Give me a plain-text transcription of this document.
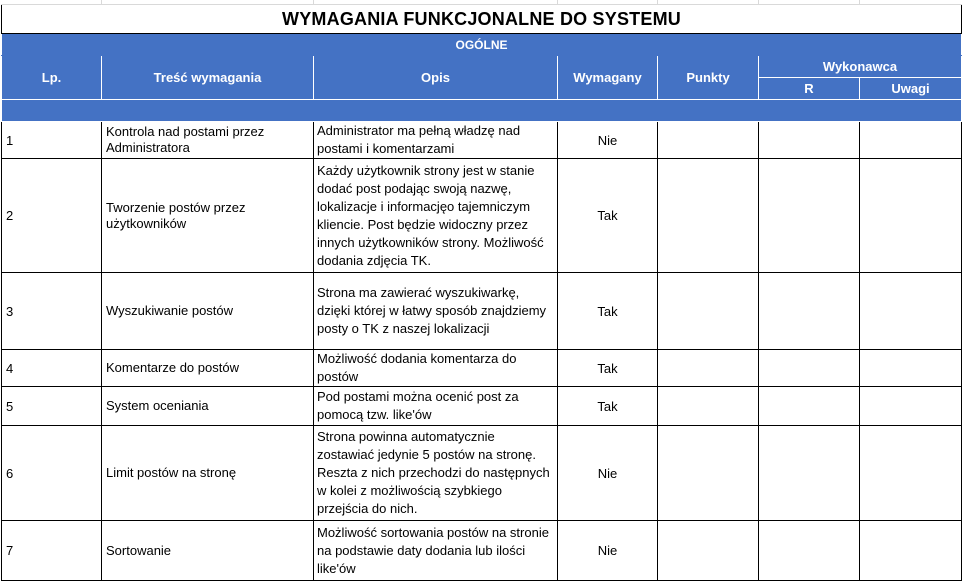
WYMAGANIA FUNKCJONALNE DO SYSTEMU						
OGÓLNE						
Lp.	Treść wymagania	Opis	Wymagany	Punkty	Wykonawca	
					R	Uwagi

1	Kontrola nad postami przez Administratora	Administrator ma pełną władzę nad postami i komentarzami	Nie			
2	Tworzenie postów przez użytkowników	Każdy użytkownik strony jest w stanie dodać post podając swoją nazwę, lokalizacje i informacjęo tajemniczym kliencie. Post będzie widoczny przez innych użytkowników strony. Możliwość dodania zdjęcia TK.	Tak			
3	Wyszukiwanie postów	Strona ma zawierać wyszukiwarkę, dzięki której w łatwy sposób znajdziemy posty o TK z naszej lokalizacji	Tak			
4	Komentarze do postów	Możliwość dodania komentarza do postów	Tak			
5	System oceniania	Pod postami można ocenić post za pomocą tzw. like'ów	Tak			
6	Limit postów na stronę	Strona powinna automatycznie zostawiać jedynie 5 postów na stronę. Reszta z nich przechodzi do następnych w kolei z możliwością szybkiego przejścia do nich.	Nie			
7	Sortowanie	Możliwość sortowania postów na stronie na podstawie daty dodania lub ilości like'ów	Nie			
